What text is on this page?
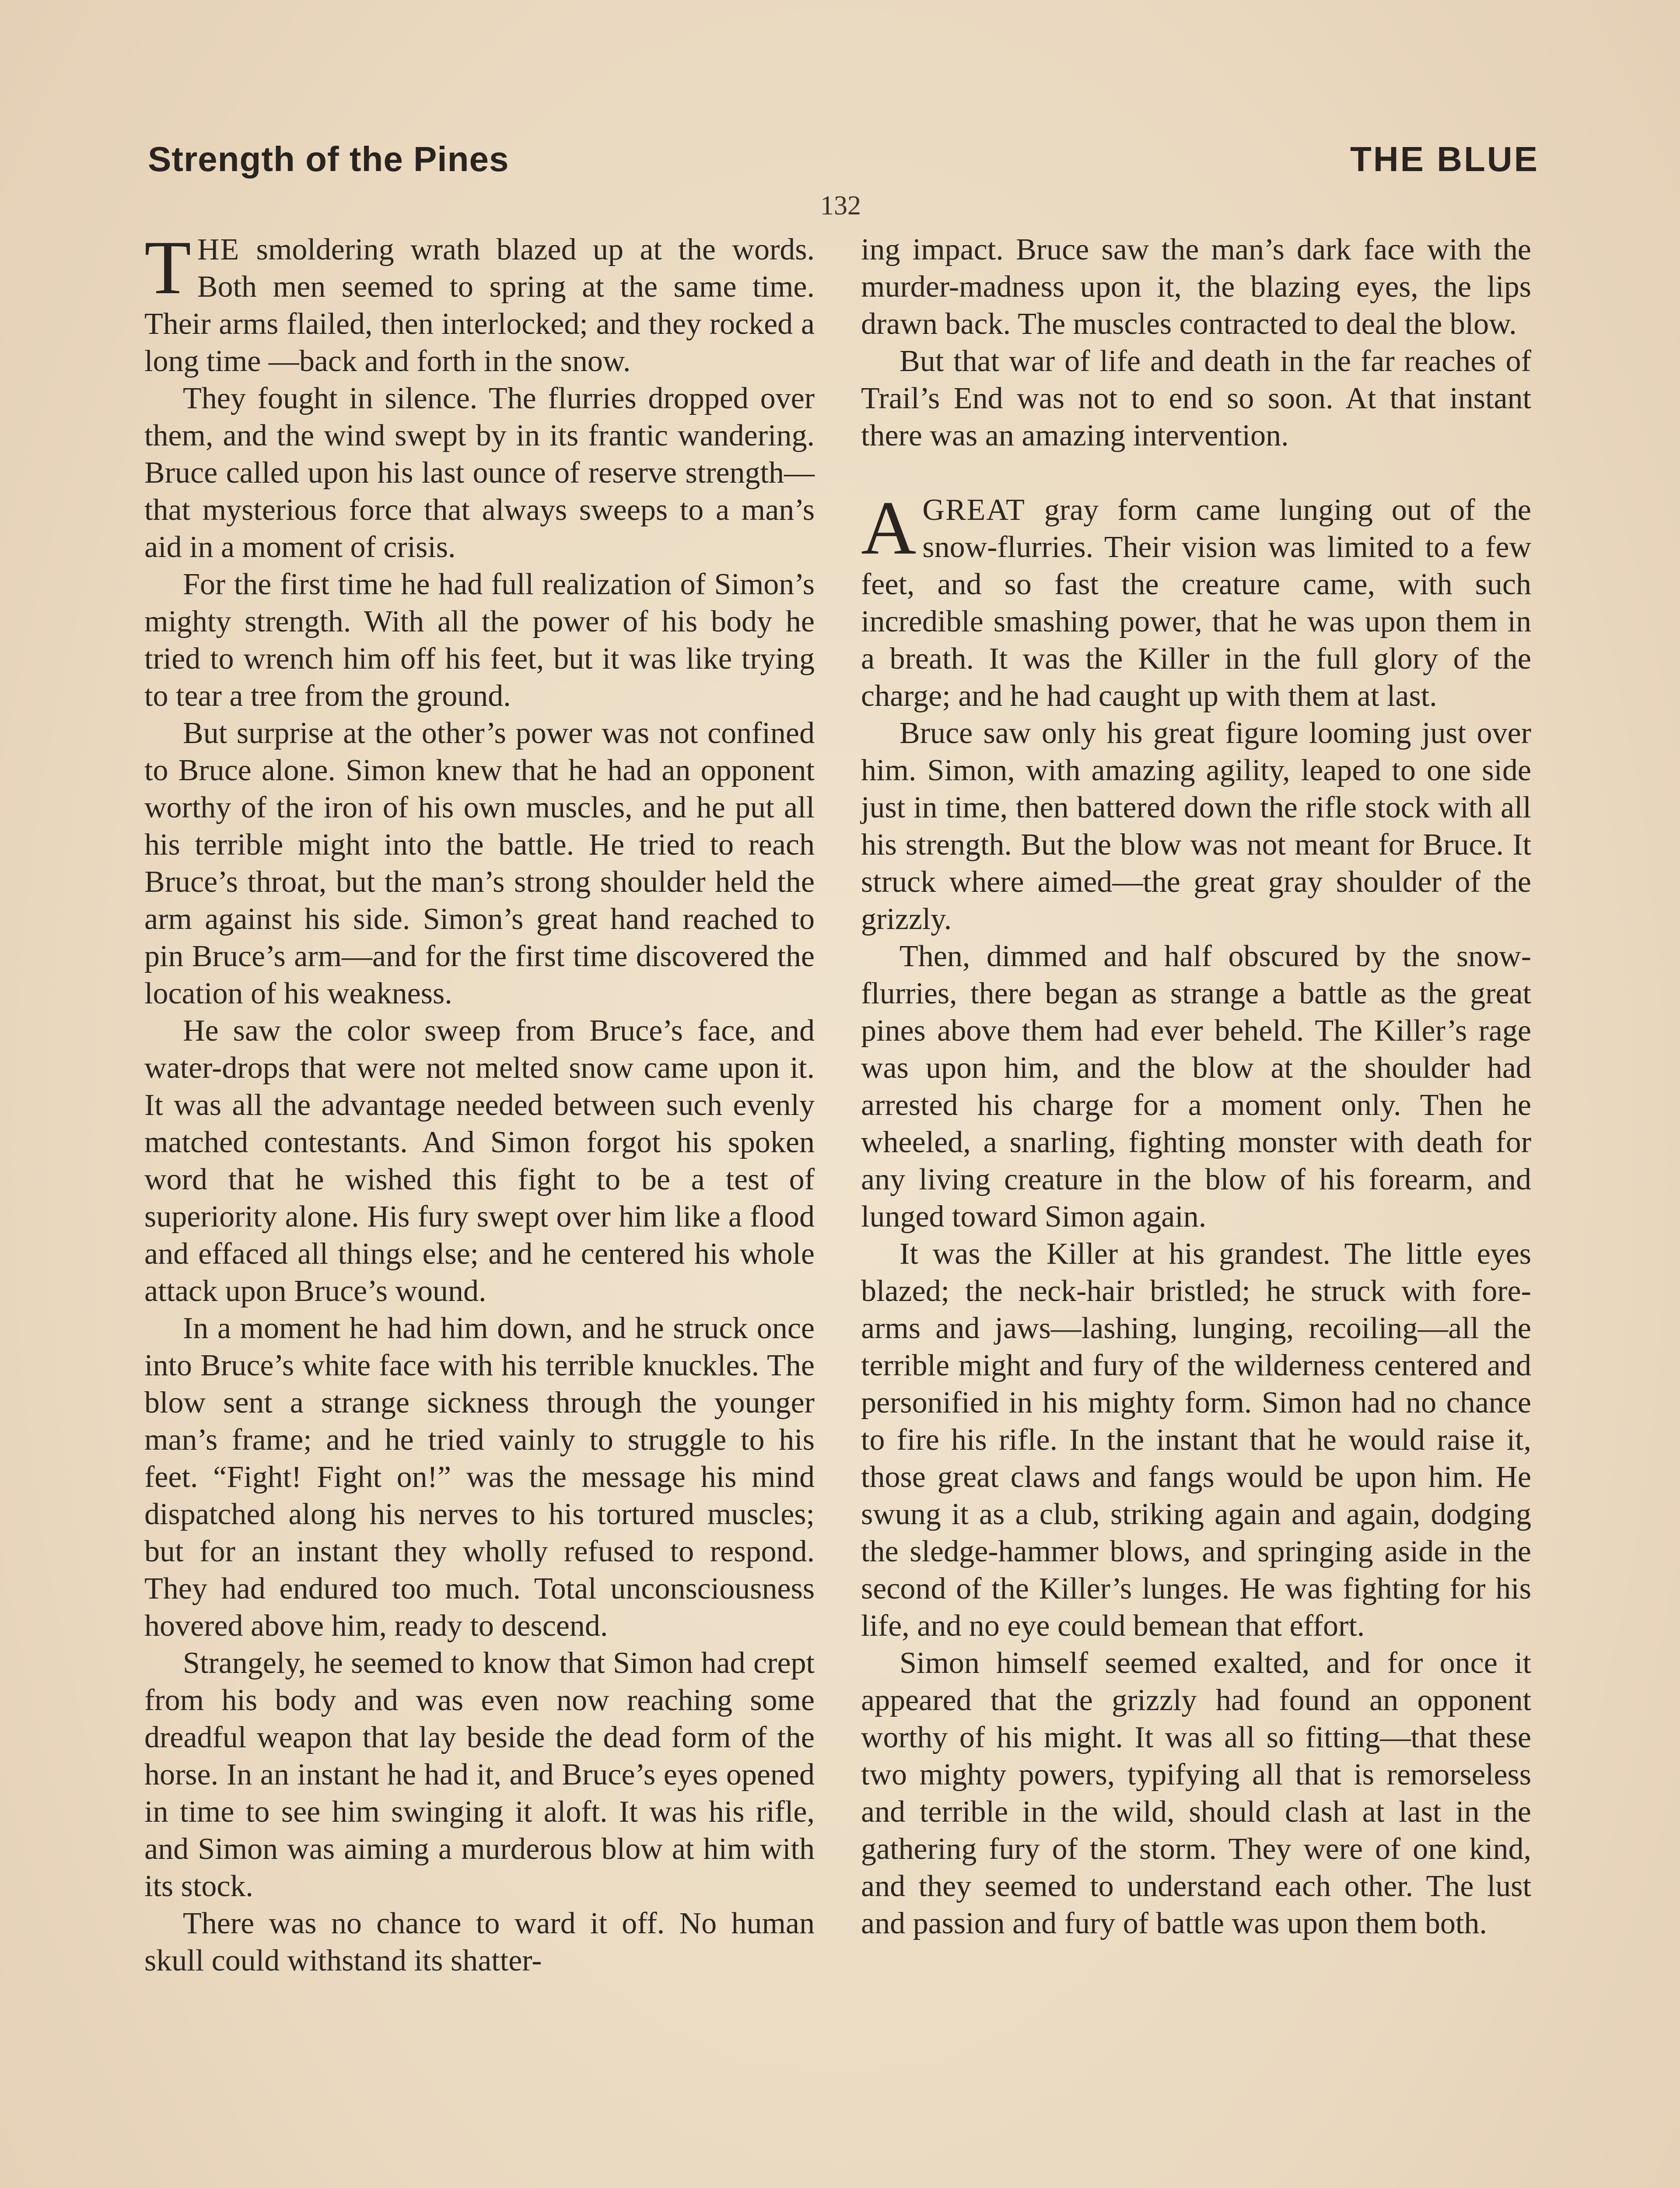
Strength of the Pines	THE BLUE
132

THE smoldering wrath blazed up at the words. Both men seemed to spring at the same time. Their arms flailed, then interlocked; and they rocked a long time —back and forth in the snow.

They fought in silence. The flurries dropped over them, and the wind swept by in its frantic wandering. Bruce called upon his last ounce of reserve strength— that mysterious force that always sweeps to a man’s aid in a moment of crisis.

For the first time he had full realization of Simon’s mighty strength. With all the power of his body he tried to wrench him off his feet, but it was like trying to tear a tree from the ground.

But surprise at the other’s power was not confined to Bruce alone. Simon knew that he had an opponent worthy of the iron of his own muscles, and he put all his terrible might into the battle. He tried to reach Bruce’s throat, but the man’s strong shoulder held the arm against his side. Simon’s great hand reached to pin Bruce’s arm—and for the first time discovered the location of his weakness.

He saw the color sweep from Bruce’s face, and water-drops that were not melted snow came upon it. It was all the advantage needed between such evenly matched contestants. And Simon forgot his spoken word that he wished this fight to be a test of superiority alone. His fury swept over him like a flood and effaced all things else; and he centered his whole attack upon Bruce’s wound.

In a moment he had him down, and he struck once into Bruce’s white face with his terrible knuckles. The blow sent a strange sickness through the younger man’s frame; and he tried vainly to struggle to his feet. “Fight! Fight on!” was the message his mind dispatched along his nerves to his tortured muscles; but for an instant they wholly refused to respond. They had endured too much. Total unconsciousness hovered above him, ready to descend.

Strangely, he seemed to know that Simon had crept from his body and was even now reaching some dreadful weapon that lay beside the dead form of the horse. In an instant he had it, and Bruce’s eyes opened in time to see him swinging it aloft. It was his rifle, and Simon was aiming a murderous blow at him with its stock.

There was no chance to ward it off. No human skull could withstand its shatter-

ing impact. Bruce saw the man’s dark face with the murder-madness upon it, the blazing eyes, the lips drawn back. The muscles contracted to deal the blow.

But that war of life and death in the far reaches of Trail’s End was not to end so soon. At that instant there was an amazing intervention.

AGREAT gray form came lunging out of the snow-flurries. Their vision was limited to a few feet, and so fast the creature came, with such incredible smashing power, that he was upon them in a breath. It was the Killer in the full glory of the charge; and he had caught up with them at last.

Bruce saw only his great figure looming just over him. Simon, with amazing agility, leaped to one side just in time, then battered down the rifle stock with all his strength. But the blow was not meant for Bruce. It struck where aimed—the great gray shoulder of the grizzly.

Then, dimmed and half obscured by the snow-flurries, there began as strange a battle as the great pines above them had ever beheld. The Killer’s rage was upon him, and the blow at the shoulder had arrested his charge for a moment only. Then he wheeled, a snarling, fighting monster with death for any living creature in the blow of his forearm, and lunged toward Simon again.

It was the Killer at his grandest. The little eyes blazed; the neck-hair bristled; he struck with fore-arms and jaws—lashing, lunging, recoiling—all the terrible might and fury of the wilderness centered and personified in his mighty form. Simon had no chance to fire his rifle. In the instant that he would raise it, those great claws and fangs would be upon him. He swung it as a club, striking again and again, dodging the sledge-hammer blows, and springing aside in the second of the Killer’s lunges. He was fighting for his life, and no eye could bemean that effort.

Simon himself seemed exalted, and for once it appeared that the grizzly had found an opponent worthy of his might. It was all so fitting—that these two mighty powers, typifying all that is remorseless and terrible in the wild, should clash at last in the gathering fury of the storm. They were of one kind, and they seemed to understand each other. The lust and passion and fury of battle was upon them both.
